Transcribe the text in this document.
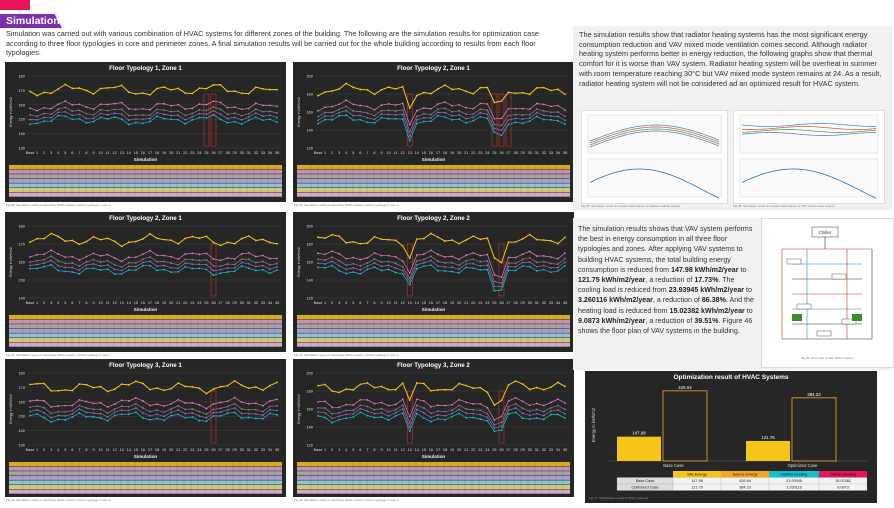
Simulation
Simulation was carried out with various combination of HVAC systems for different zones of the building. The following are the simulation results for optimization case according to three floor typologies in core and perimeter zones. A final simulation results will be carried out for the whole building according to results from each floor typologies.
Floor Typology 1, Zone 1
Energy in kWh/m2
130
140
150
160
170
180
Base 1 2 3 4 5 6 7 8 9 10 11 12 13 14 15 16 17 18 19 20 21 22 23 24 25 26 27 28 29 30 31 32 33 34 35
Simulation
Fig 38. Simulation result of optimizing HVAC system of Floor typology 1 zone 1
Floor Typology 2, Zone 1
Energy in kWh/m2
120
140
160
180
200
Base 1 2 3 4 5 6 7 8 9 10 11 12 13 14 15 16 17 18 19 20 21 22 23 24 25 26 27 28 29 30 31 32 33 34 35
Simulation
Fig 39. Simulation result of optimizing HVAC system of Floor typology 2 zone 1
Floor Typology 2, Zone 1
Energy in kWh/m2
140
150
160
170
180
Base 1 2 3 4 5 6 7 8 9 10 11 12 13 14 15 16 17 18 19 20 21 22 23 24 25 26 27 28 29 30 31 32 33 34 35
Simulation
Fig 40. Simulation result of optimizing HVAC system of Floor typology 2 zone 1
Floor Typology 2, Zone 2
Energy in kWh/m2
120
140
160
180
200
Base 1 2 3 4 5 6 7 8 9 10 11 12 13 14 15 16 17 18 19 20 21 22 23 24 25 26 27 28 29 30 31 32 33 34 35
Simulation
Fig 41. Simulation result of optimizing HVAC system of Floor typology 2 zone 2
Floor Typology 3, Zone 1
Energy in kWh/m2
130
140
150
160
170
180
Base 1 2 3 4 5 6 7 8 9 10 11 12 13 14 15 16 17 18 19 20 21 22 23 24 25 26 27 28 29 30 31 32 33 34 35
Simulation
Fig 42. Simulation result of optimizing HVAC system of Floor typology 3 zone 1
Floor Typology 3, Zone 2
Energy in kWh/m2
120
140
160
180
200
Base 1 2 3 4 5 6 7 8 9 10 11 12 13 14 15 16 17 18 19 20 21 22 23 24 25 26 27 28 29 30 31 32 33 34 35
Simulation
Fig 43. Simulation result of optimizing HVAC system of Floor typology 3 zone 2
The simulation results show that radiator heating systems has the most significant energy consumption reduction and VAV mixed mode ventilation comes second. Although radiator heating system performs better in energy reduction, the following graphs show that thermal comfort for it is worse than VAV system. Radiator heating system will be overheat in summer with room temperature reaching 30°C but VAV mixed mode system remains at 24. As a result, radiator heating system will not be considered ad an optimized result for HVAC system.
Fig 44. Simulation result of comfort performance of radiator heating system	Fig 45. Simulation result of comfort performance of VAV mixed mode system
The simulation results shows that VAV system performs the best in energy consumption in all three floor typologies and zones. After applying VAV systems to building HVAC systems, the total building energy consumption is reduced from 147.98 kWh/m2/year to 121.75 kWh/m2/year, a reduction of 17.73%. The cooling load is reduced from 23.93945 kWh/m2/year to 3.260116 kWh/m2/year, a reduction of 86.38%. And the heating load is reduced from 15.02382 kWh/m2/year to 9.0873 kWh/m2/year, a reduction of 39.51%. Figure 46 shows the floor plan of VAV systems in the building.
Chiller
Fig 46. Floor plan of VAV HVAC system
Optimization result of HVAC Systems
Energy in kWh/m2	147.98
426.64
Base Case
121.75
384.23
Optimized Case
Site Energy	Source Energy	District Cooling	District Heating
Base Case	147.98	426.64	23.93945	15.02382
Optimized Case	121.75	384.23	3.260116	9.0873
Fig 47. Optimization result of HVAC systems
